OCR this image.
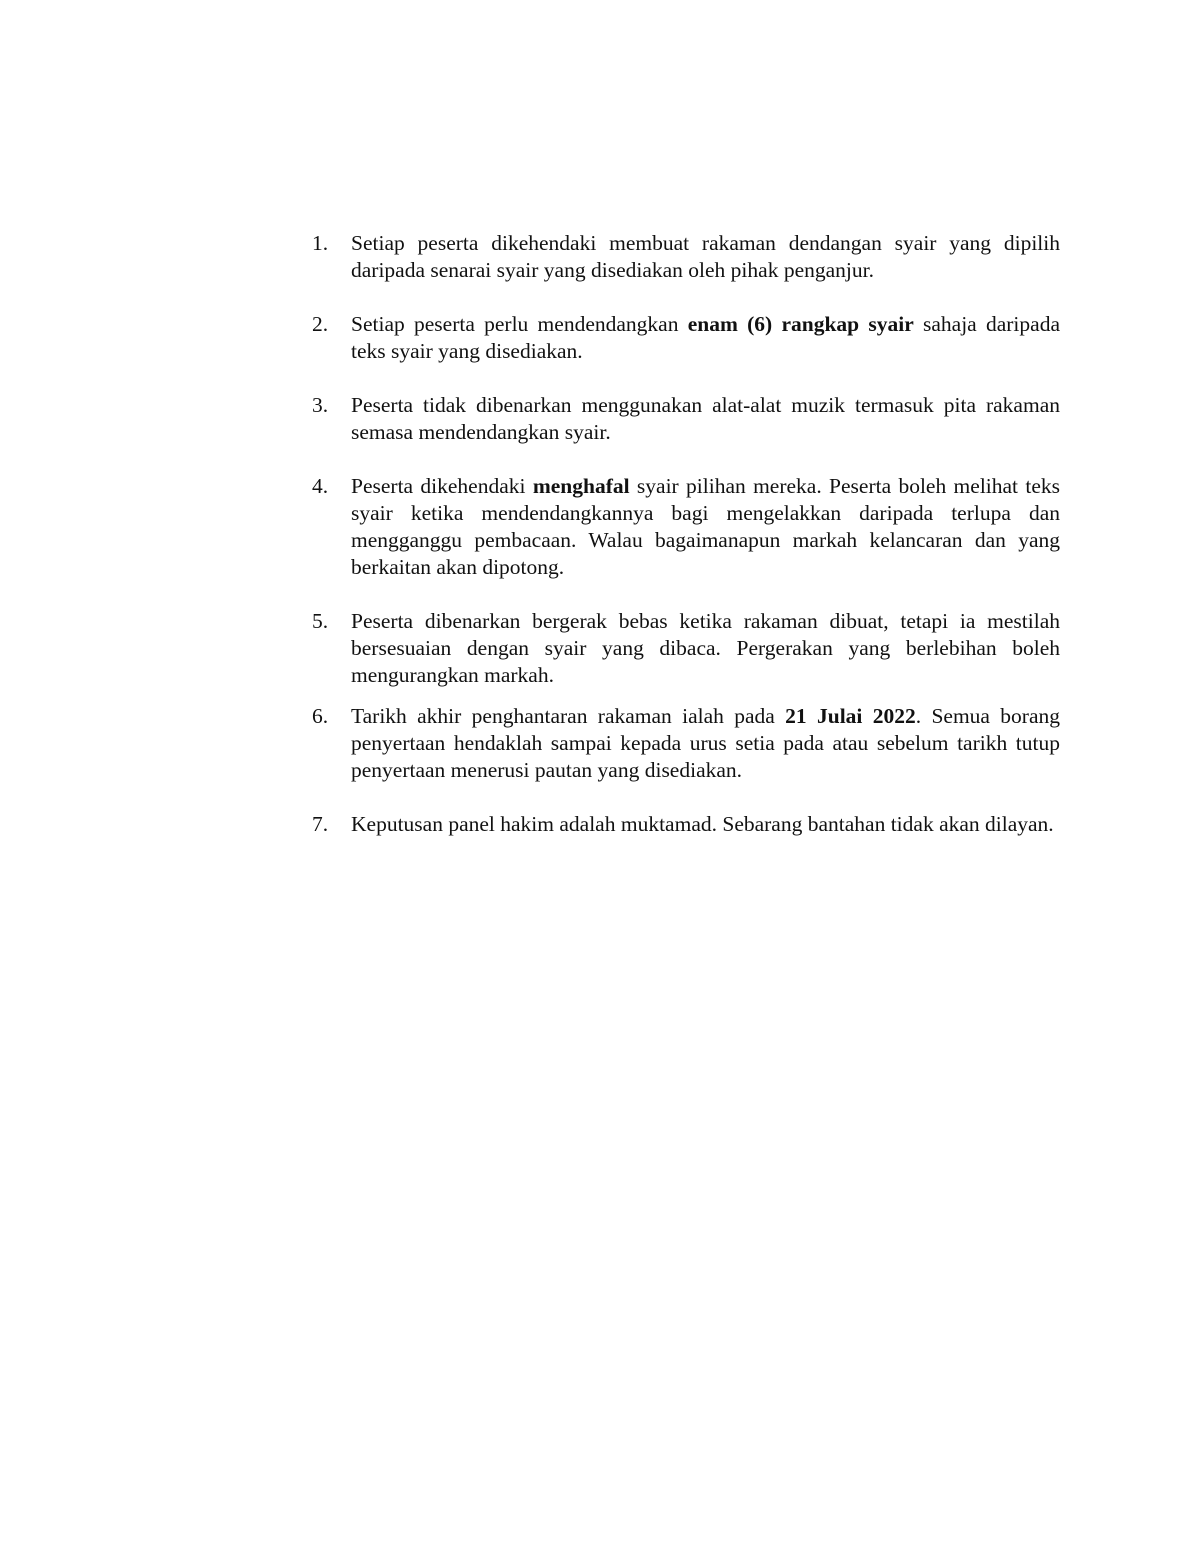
1.	Setiap peserta dikehendaki membuat rakaman dendangan syair yang dipilih daripada senarai syair yang disediakan oleh pihak penganjur.
2.	Setiap peserta perlu mendendangkan enam (6) rangkap syair sahaja daripada teks syair yang disediakan.
3.	Peserta tidak dibenarkan menggunakan alat-alat muzik termasuk pita rakaman semasa mendendangkan syair.
4.	Peserta dikehendaki menghafal syair pilihan mereka. Peserta boleh melihat teks syair ketika mendendangkannya bagi mengelakkan daripada terlupa dan mengganggu pembacaan. Walau bagaimanapun markah kelancaran dan yang berkaitan akan dipotong.
5.	Peserta dibenarkan bergerak bebas ketika rakaman dibuat, tetapi ia mestilah bersesuaian dengan syair yang dibaca. Pergerakan yang berlebihan boleh mengurangkan markah.
6.	Tarikh akhir penghantaran rakaman ialah pada 21 Julai 2022. Semua borang penyertaan hendaklah sampai kepada urus setia pada atau sebelum tarikh tutup penyertaan menerusi pautan yang disediakan.
7.	Keputusan panel hakim adalah muktamad. Sebarang bantahan tidak akan dilayan.
